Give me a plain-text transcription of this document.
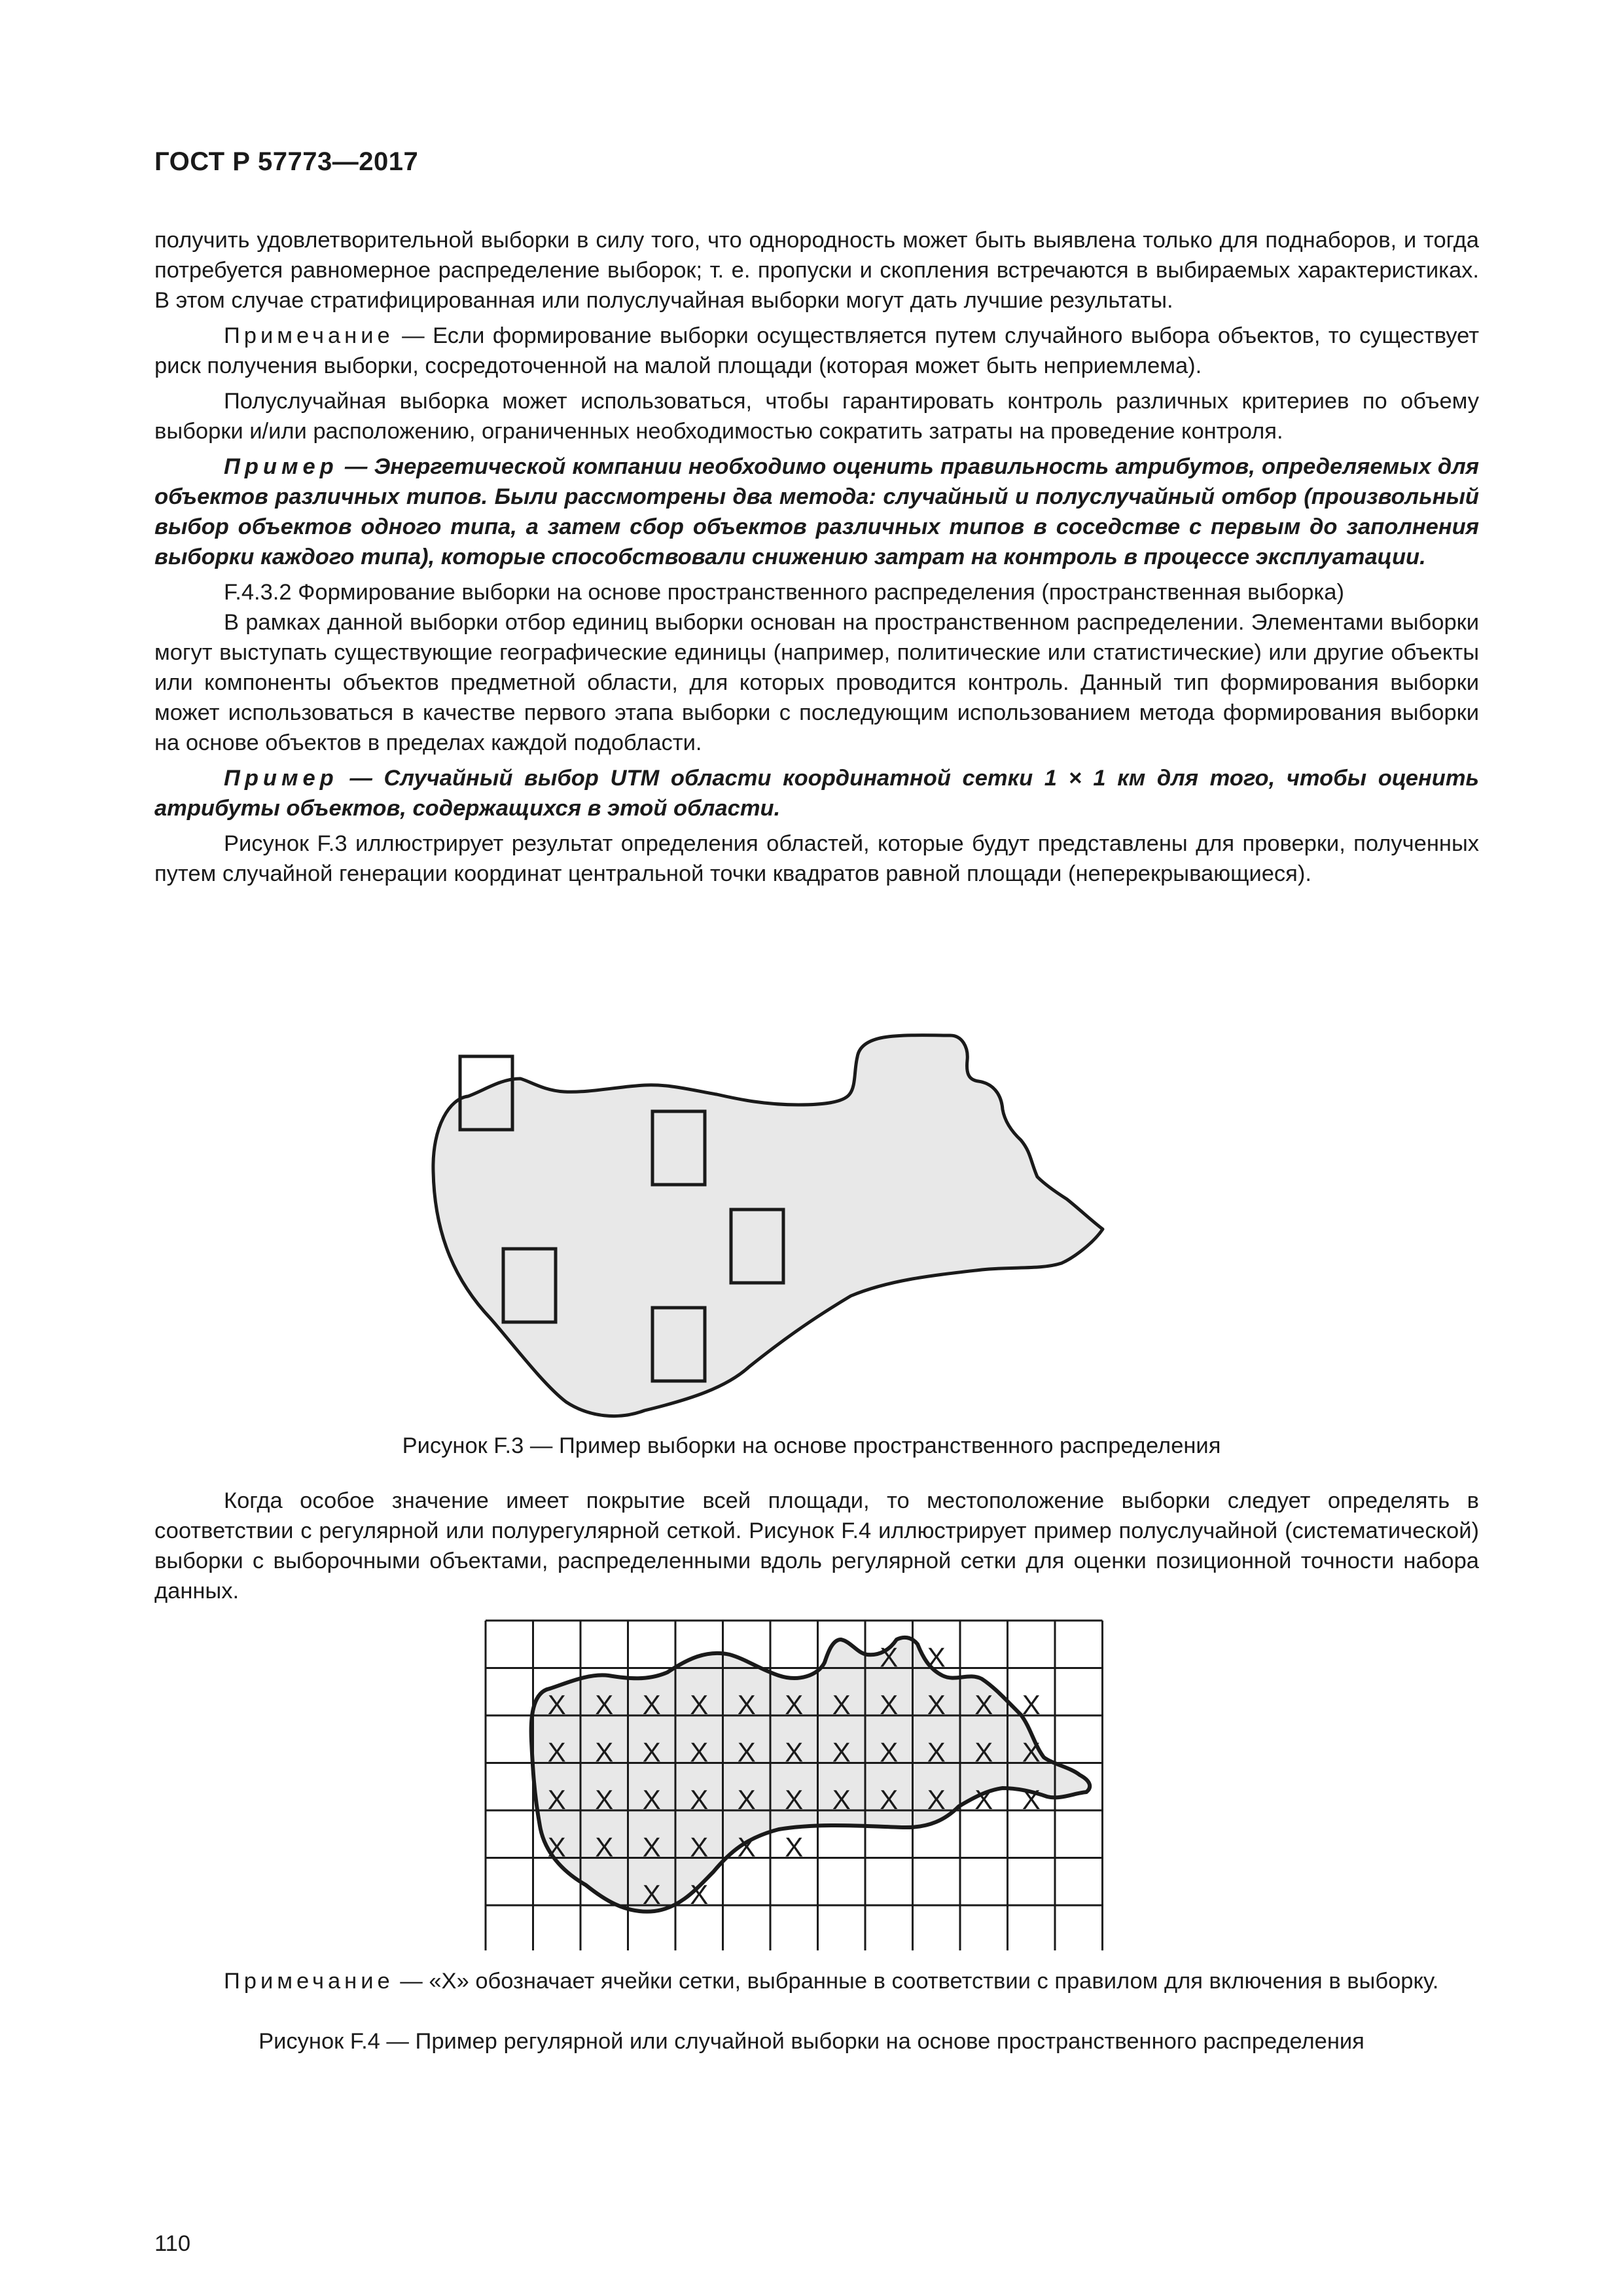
ГОСТ Р 57773—2017

получить удовлетворительной выборки в силу того, что однородность может быть выявлена только для поднаборов, и тогда потребуется равномерное распределение выборок; т. е. пропуски и скопления встречаются в выбираемых характеристиках. В этом случае стратифицированная или полуслучайная выборки могут дать лучшие результаты.

Примечание — Если формирование выборки осуществляется путем случайного выбора объектов, то существует риск получения выборки, сосредоточенной на малой площади (которая может быть неприемлема).

Полуслучайная выборка может использоваться, чтобы гарантировать контроль различных критериев по объему выборки и/или расположению, ограниченных необходимостью сократить затраты на проведение контроля.

Пример — Энергетической компании необходимо оценить правильность атрибутов, определяемых для объектов различных типов. Были рассмотрены два метода: случайный и полуслучайный отбор (произвольный выбор объектов одного типа, а затем сбор объектов различных типов в соседстве с первым до заполнения выборки каждого типа), которые способствовали снижению затрат на контроль в процессе эксплуатации.

F.4.3.2 Формирование выборки на основе пространственного распределения (пространственная выборка)

В рамках данной выборки отбор единиц выборки основан на пространственном распределении. Элементами выборки могут выступать существующие географические единицы (например, политические или статистические) или другие объекты или компоненты объектов предметной области, для которых проводится контроль. Данный тип формирования выборки может использоваться в качестве первого этапа выборки с последующим использованием метода формирования выборки на основе объектов в пределах каждой подобласти.

Пример — Случайный выбор UTM области координатной сетки 1 × 1 км для того, чтобы оценить атрибуты объектов, содержащихся в этой области.

Рисунок F.3 иллюстрирует результат определения областей, которые будут представлены для проверки, полученных путем случайной генерации координат центральной точки квадратов равной площади (неперекрывающиеся).

Рисунок F.3 — Пример выборки на основе пространственного распределения

Когда особое значение имеет покрытие всей площади, то местоположение выборки следует определять в соответствии с регулярной или полурегулярной сеткой. Рисунок F.4 иллюстрирует пример полуслучайной (систематической) выборки с выборочными объектами, распределенными вдоль регулярной сетки для оценки позиционной точности набора данных.

X X
X X X X X X X X X X X
X X X X X X X X X X X
X X X X X X X X X X X
X X X X X X
X X

Примечание — «Х» обозначает ячейки сетки, выбранные в соответствии с правилом для включения в выборку.

Рисунок F.4 — Пример регулярной или случайной выборки на основе пространственного распределения
110
